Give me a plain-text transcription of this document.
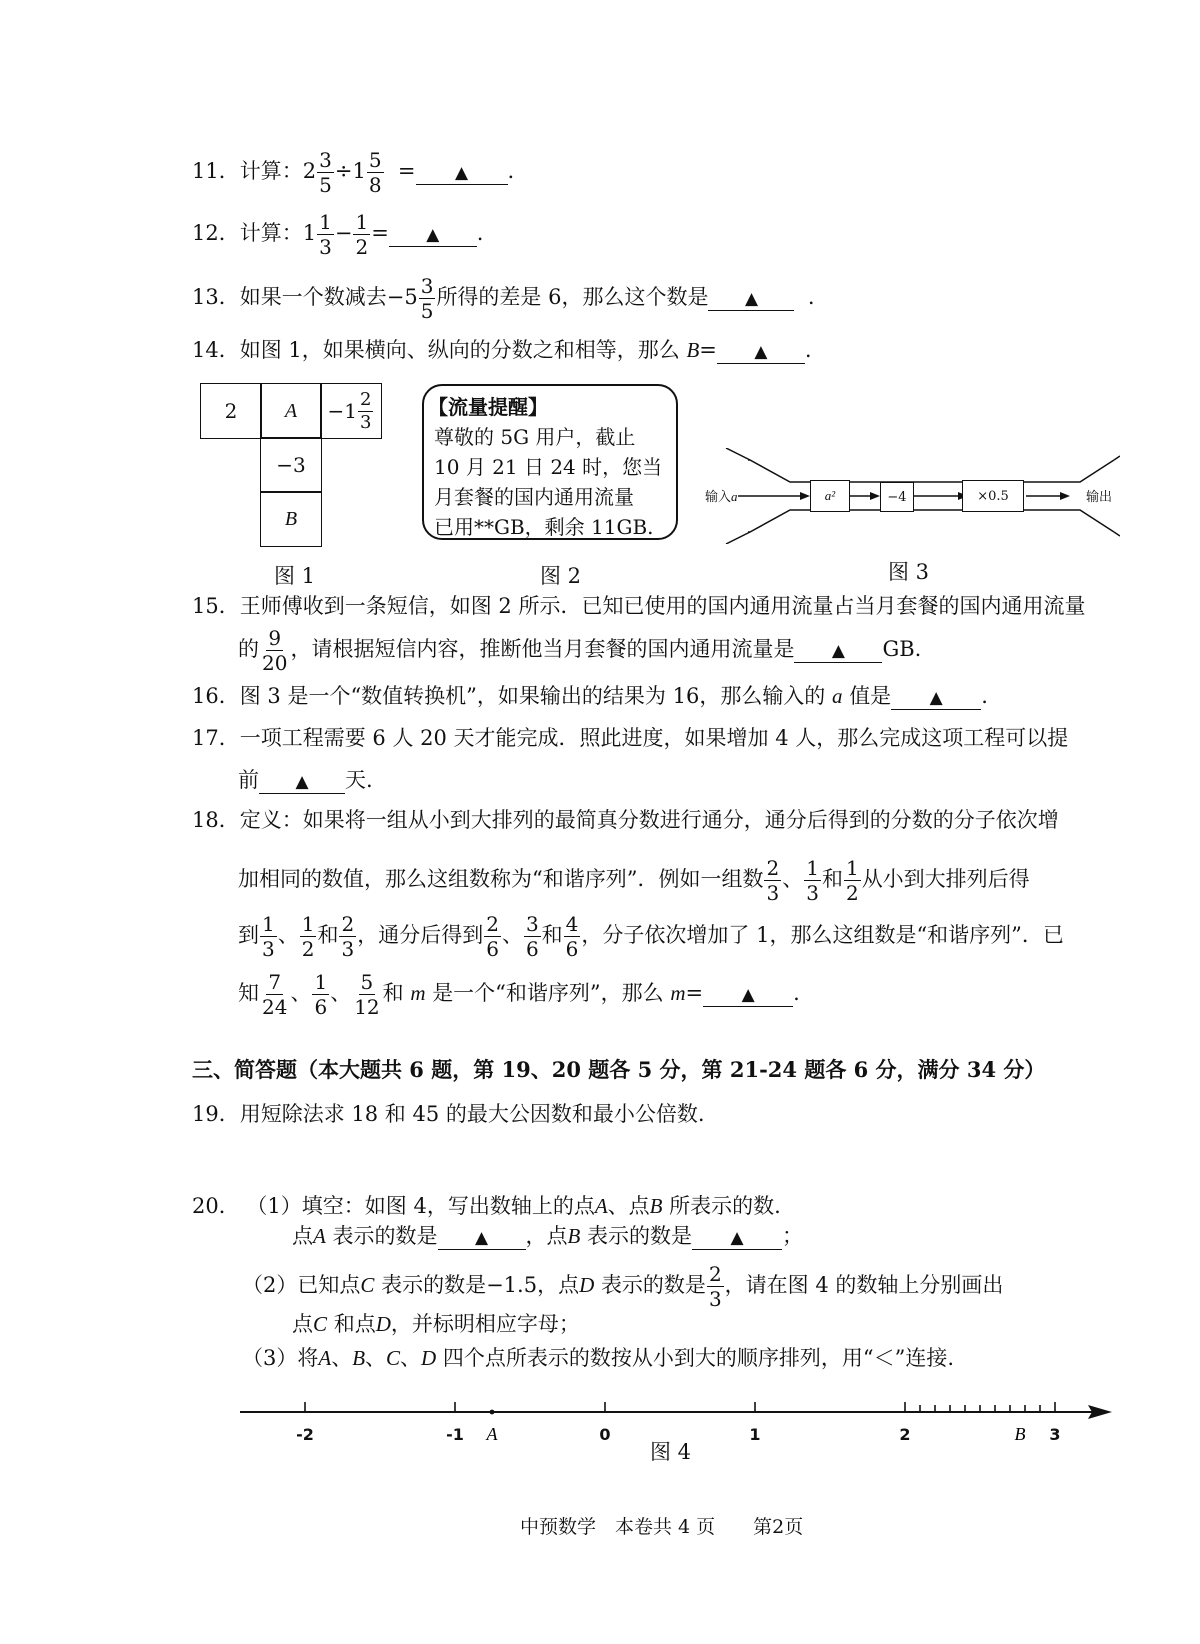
11．计算：$2 \frac{3}{5} \div 1 \frac{5}{8}$ = ▲ .
12．计算：$1 \frac{1}{3} - \frac{1}{2}$ = ▲ .
13．如果一个数减去$-5 \frac{3}{5}$ 所得的差是 6，那么这个数是 ▲ .
14．如图 1，如果横向、纵向的分数之和相等，那么 B= ▲ .
2	$A -1 \frac{2}{3}$
−3
B
图 1
【流量提醒】
尊敬的 5G 用户，截止
10 月 21 日 24 时，您当
月套餐的国内通用流量
已用**GB，剩余 11GB.
图 2
输入a	a²	−4	×0.5	输出
图 3
15．王师傅收到一条短信，如图 2 所示．已知已使用的国内通用流量占当月套餐的国内通用流量
的 $\frac{9}{20}$ ，请根据短信内容，推断他当月套餐的国内通用流量是 ▲ GB.
16．图 3 是一个“数值转换机”，如果输出的结果为 16，那么输入的 a 值是 ▲ .
17．一项工程需要 6 人 20 天才能完成．照此进度，如果增加 4 人，那么完成这项工程可以提
前 ▲ 天.
18．定义：如果将一组从小到大排列的最简真分数进行通分，通分后得到的分数的分子依次增
加相同的数值，那么这组数称为“和谐序列”．例如一组数 $\frac{2}{3}$ 、 $\frac{1}{3}$ 和 $\frac{1}{2}$ 从小到大排列后得
到 $\frac{1}{3}$ 、 $\frac{1}{2}$ 和 $\frac{2}{3}$ ，通分后得到 $\frac{2}{6}$ 、 $\frac{3}{6}$ 和 $\frac{4}{6}$ ，分子依次增加了 1，那么这组数是“和谐序列”．已
知 $\frac{7}{24}$ 、 $\frac{1}{6}$ 、 $\frac{5}{12}$ 和 m 是一个“和谐序列”，那么 m= ▲ .
三、简答题（本大题共 6 题，第 19、20 题各 5 分，第 21-24 题各 6 分，满分 34 分）
19．用短除法求 18 和 45 的最大公因数和最小公倍数.
20． （1）填空：如图 4，写出数轴上的点A、点B 所表示的数.
点A 表示的数是 ▲ ，点B 表示的数是 ▲ ；
（2）已知点C 表示的数是−1.5，点D 表示的数是 $\frac{2}{3}$ ，请在图 4 的数轴上分别画出
点C 和点D，并标明相应字母；
（3）将A、B、C、D 四个点所表示的数按从小到大的顺序排列，用“＜”连接.
-2	-1	0	1	2	3
A	B
图 4
中预数学　本卷共 4 页　　第2页
